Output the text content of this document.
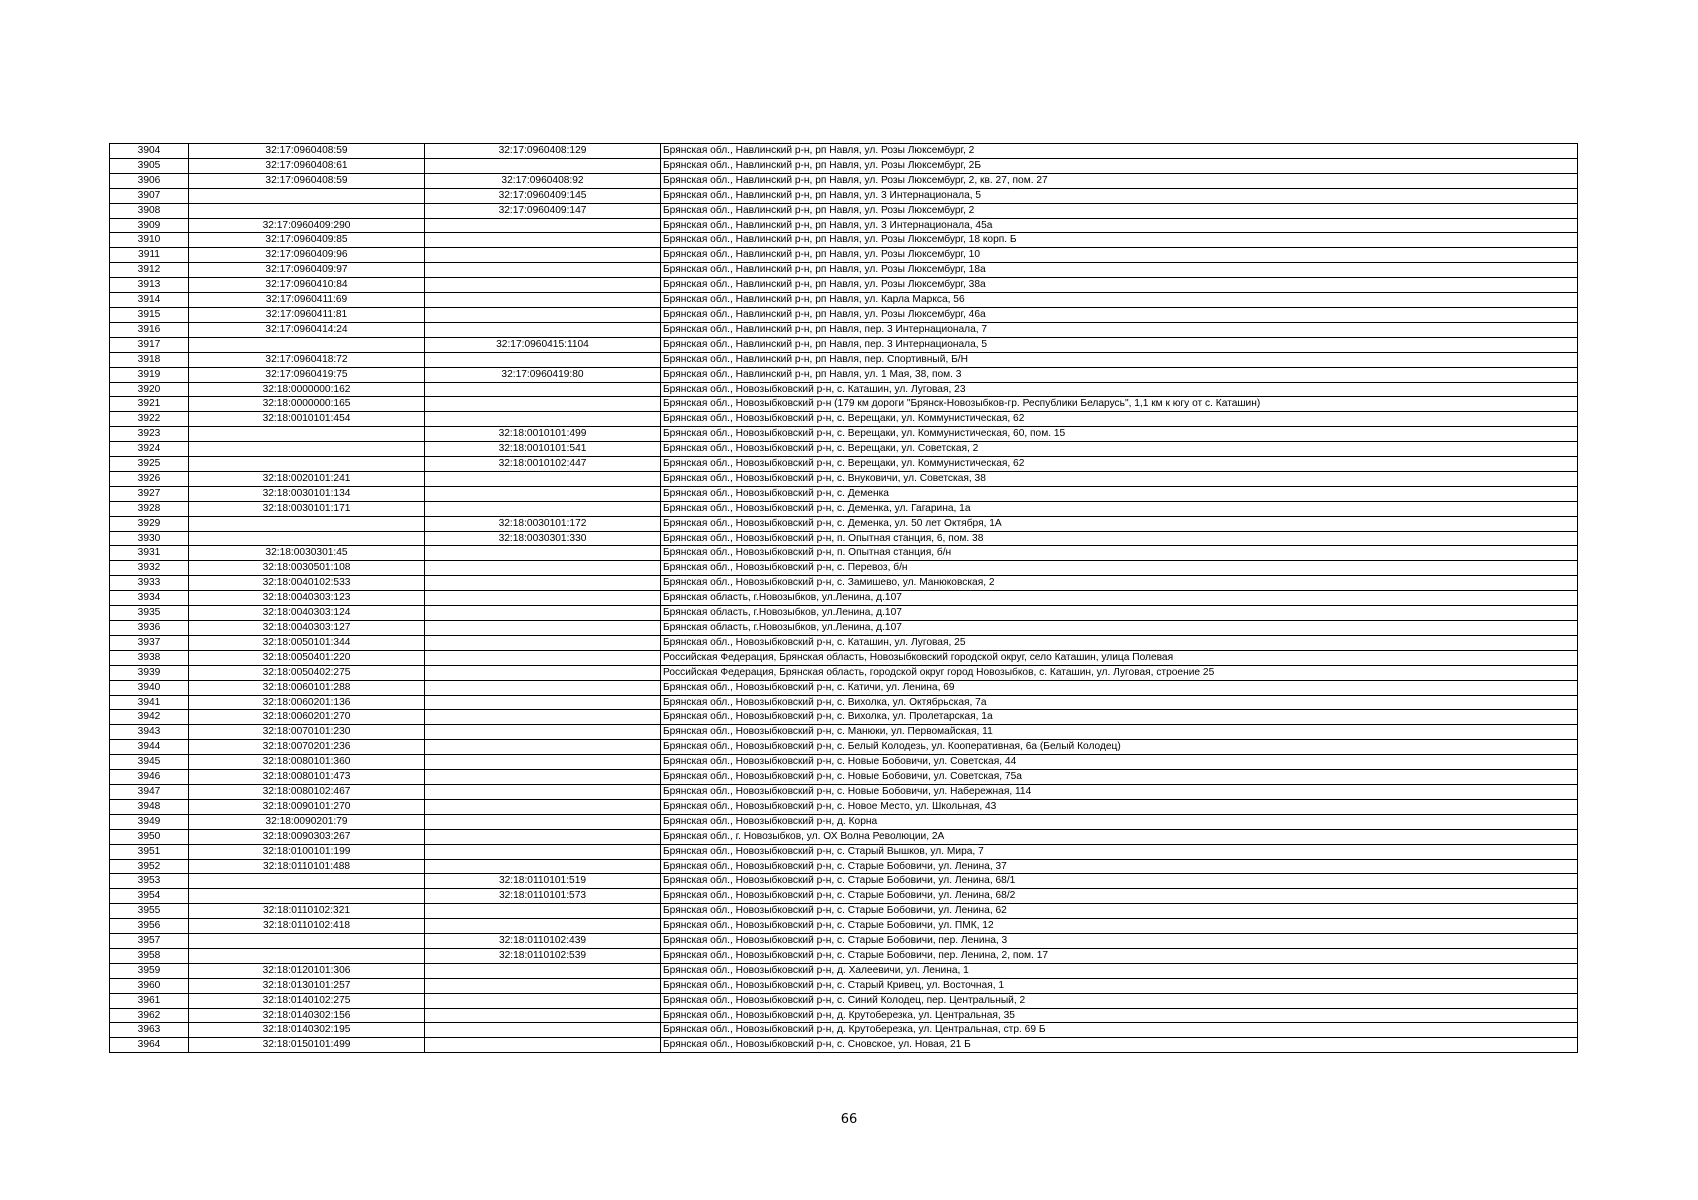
3904	32:17:0960408:59	32:17:0960408:129	Брянская обл., Навлинский р-н, рп Навля, ул. Розы Люксембург, 2
3905	32:17:0960408:61		Брянская обл., Навлинский р-н, рп Навля, ул. Розы Люксембург, 2Б
3906	32:17:0960408:59	32:17:0960408:92	Брянская обл., Навлинский р-н, рп Навля, ул. Розы Люксембург, 2, кв. 27, пом. 27
3907		32:17:0960409:145	Брянская обл., Навлинский р-н, рп Навля, ул. 3 Интернационала, 5
3908		32:17:0960409:147	Брянская обл., Навлинский р-н, рп Навля, ул. Розы Люксембург, 2
3909	32:17:0960409:290		Брянская обл., Навлинский р-н, рп Навля, ул. 3 Интернационала, 45а
3910	32:17:0960409:85		Брянская обл., Навлинский р-н, рп Навля, ул. Розы Люксембург, 18 корп. Б
3911	32:17:0960409:96		Брянская обл., Навлинский р-н, рп Навля, ул. Розы Люксембург, 10
3912	32:17:0960409:97		Брянская обл., Навлинский р-н, рп Навля, ул. Розы Люксембург, 18а
3913	32:17:0960410:84		Брянская обл., Навлинский р-н, рп Навля, ул. Розы Люксембург, 38а
3914	32:17:0960411:69		Брянская обл., Навлинский р-н, рп Навля, ул. Карла Маркса, 56
3915	32:17:0960411:81		Брянская обл., Навлинский р-н, рп Навля, ул. Розы Люксембург, 46а
3916	32:17:0960414:24		Брянская обл., Навлинский р-н, рп Навля, пер. 3 Интернационала, 7
3917		32:17:0960415:1104	Брянская обл., Навлинский р-н, рп Навля, пер. 3 Интернационала, 5
3918	32:17:0960418:72		Брянская обл., Навлинский р-н, рп Навля, пер. Спортивный, Б/Н
3919	32:17:0960419:75	32:17:0960419:80	Брянская обл., Навлинский р-н, рп Навля, ул. 1 Мая, 38, пом. 3
3920	32:18:0000000:162		Брянская обл., Новозыбковский р-н, с. Каташин, ул. Луговая, 23
3921	32:18:0000000:165		Брянская обл., Новозыбковский р-н (179 км дороги "Брянск-Новозыбков-гр. Республики Беларусь", 1,1 км к югу от с. Каташин)
3922	32:18:0010101:454		Брянская обл., Новозыбковский р-н, с. Верещаки, ул. Коммунистическая, 62
3923		32:18:0010101:499	Брянская обл., Новозыбковский р-н, с. Верещаки, ул. Коммунистическая, 60, пом. 15
3924		32:18:0010101:541	Брянская обл., Новозыбковский р-н, с. Верещаки, ул. Советская, 2
3925		32:18:0010102:447	Брянская обл., Новозыбковский р-н, с. Верещаки, ул. Коммунистическая, 62
3926	32:18:0020101:241		Брянская обл., Новозыбковский р-н, с. Внуковичи, ул. Советская, 38
3927	32:18:0030101:134		Брянская обл., Новозыбковский р-н, с. Деменка
3928	32:18:0030101:171		Брянская обл., Новозыбковский р-н, с. Деменка, ул. Гагарина, 1а
3929		32:18:0030101:172	Брянская обл., Новозыбковский р-н, с. Деменка, ул. 50 лет Октября, 1А
3930		32:18:0030301:330	Брянская обл., Новозыбковский р-н, п. Опытная станция, 6, пом. 38
3931	32:18:0030301:45		Брянская обл., Новозыбковский р-н, п. Опытная станция, б/н
3932	32:18:0030501:108		Брянская обл., Новозыбковский р-н, с. Перевоз, б/н
3933	32:18:0040102:533		Брянская обл., Новозыбковский р-н, с. Замишево, ул. Манюковская, 2
3934	32:18:0040303:123		Брянская область, г.Новозыбков, ул.Ленина, д.107
3935	32:18:0040303:124		Брянская область, г.Новозыбков, ул.Ленина, д.107
3936	32:18:0040303:127		Брянская область, г.Новозыбков, ул.Ленина, д.107
3937	32:18:0050101:344		Брянская обл., Новозыбковский р-н, с. Каташин, ул. Луговая, 25
3938	32:18:0050401:220		Российская Федерация, Брянская область, Новозыбковский городской округ, село Каташин, улица Полевая
3939	32:18:0050402:275		Российская Федерация, Брянская область, городской округ город Новозыбков, с. Каташин, ул. Луговая, строение 25
3940	32:18:0060101:288		Брянская обл., Новозыбковский р-н, с. Катичи, ул. Ленина, 69
3941	32:18:0060201:136		Брянская обл., Новозыбковский р-н, с. Вихолка, ул. Октябрьская, 7а
3942	32:18:0060201:270		Брянская обл., Новозыбковский р-н, с. Вихолка, ул. Пролетарская, 1а
3943	32:18:0070101:230		Брянская обл., Новозыбковский р-н, с. Манюки, ул. Первомайская, 11
3944	32:18:0070201:236		Брянская обл., Новозыбковский р-н, с. Белый Колодезь, ул. Кооперативная, 6а (Белый Колодец)
3945	32:18:0080101:360		Брянская обл., Новозыбковский р-н, с. Новые Бобовичи, ул. Советская, 44
3946	32:18:0080101:473		Брянская обл., Новозыбковский р-н, с. Новые Бобовичи, ул. Советская, 75а
3947	32:18:0080102:467		Брянская обл., Новозыбковский р-н, с. Новые Бобовичи, ул. Набережная, 114
3948	32:18:0090101:270		Брянская обл., Новозыбковский р-н, с. Новое Место, ул. Школьная, 43
3949	32:18:0090201:79		Брянская обл., Новозыбковский р-н, д. Корна
3950	32:18:0090303:267		Брянская обл., г. Новозыбков, ул. ОХ Волна Революции, 2А
3951	32:18:0100101:199		Брянская обл., Новозыбковский р-н, с. Старый Вышков, ул. Мира, 7
3952	32:18:0110101:488		Брянская обл., Новозыбковский р-н, с. Старые Бобовичи, ул. Ленина, 37
3953		32:18:0110101:519	Брянская обл., Новозыбковский р-н, с. Старые Бобовичи, ул. Ленина, 68/1
3954		32:18:0110101:573	Брянская обл., Новозыбковский р-н, с. Старые Бобовичи, ул. Ленина, 68/2
3955	32:18:0110102:321		Брянская обл., Новозыбковский р-н, с. Старые Бобовичи, ул. Ленина, 62
3956	32:18:0110102:418		Брянская обл., Новозыбковский р-н, с. Старые Бобовичи, ул. ПМК, 12
3957		32:18:0110102:439	Брянская обл., Новозыбковский р-н, с. Старые Бобовичи, пер. Ленина, 3
3958		32:18:0110102:539	Брянская обл., Новозыбковский р-н, с. Старые Бобовичи, пер. Ленина, 2, пом. 17
3959	32:18:0120101:306		Брянская обл., Новозыбковский р-н, д. Халеевичи, ул. Ленина, 1
3960	32:18:0130101:257		Брянская обл., Новозыбковский р-н, с. Старый Кривец, ул. Восточная, 1
3961	32:18:0140102:275		Брянская обл., Новозыбковский р-н, с. Синий Колодец, пер. Центральный, 2
3962	32:18:0140302:156		Брянская обл., Новозыбковский р-н, д. Крутоберезка, ул. Центральная, 35
3963	32:18:0140302:195		Брянская обл., Новозыбковский р-н, д. Крутоберезка, ул. Центральная, стр. 69 Б
3964	32:18:0150101:499		Брянская обл., Новозыбковский р-н, с. Сновское, ул. Новая, 21 Б
66
